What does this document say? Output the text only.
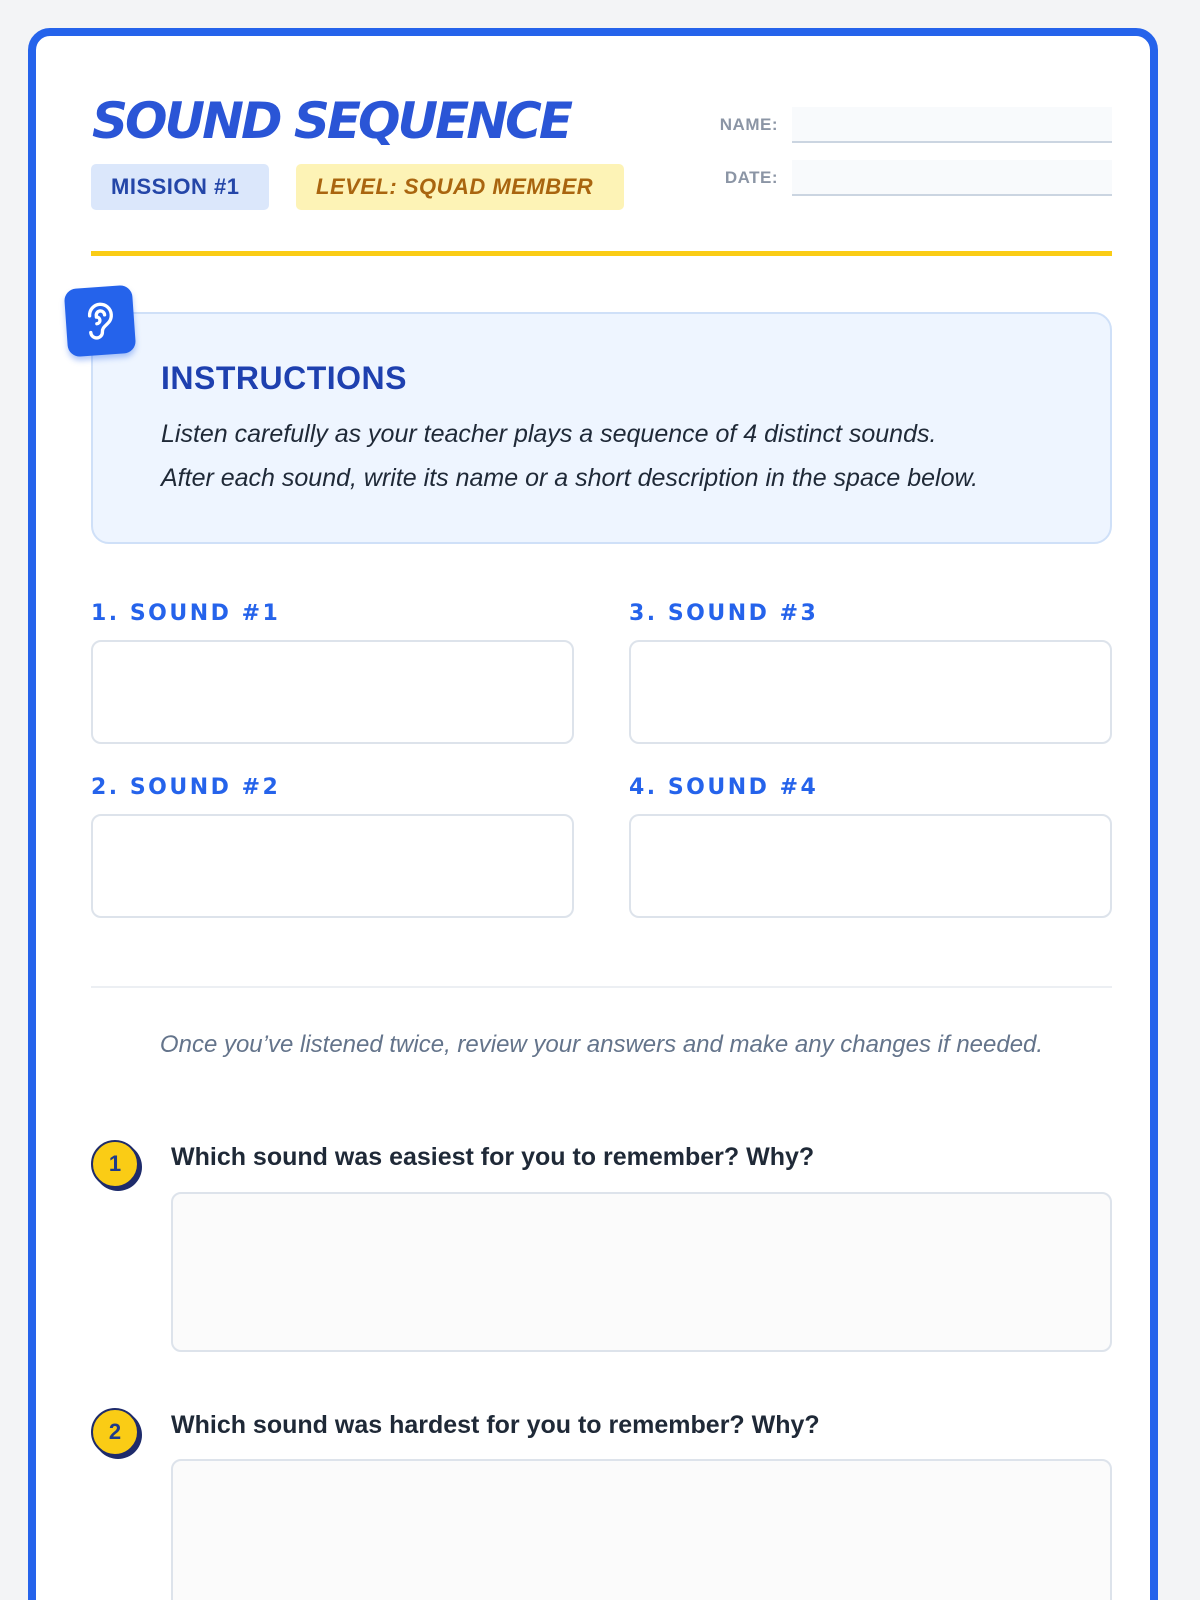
SOUND SEQUENCE
MISSION #1	LEVEL: SQUAD MEMBER
NAME:
DATE:
INSTRUCTIONS
Listen carefully as your teacher plays a sequence of 4 distinct sounds.
After each sound, write its name or a short description in the space below.
1. SOUND #1
2. SOUND #2
3. SOUND #3
4. SOUND #4
Once you’ve listened twice, review your answers and make any changes if needed.
1	Which sound was easiest for you to remember? Why?
2	Which sound was hardest for you to remember? Why?
